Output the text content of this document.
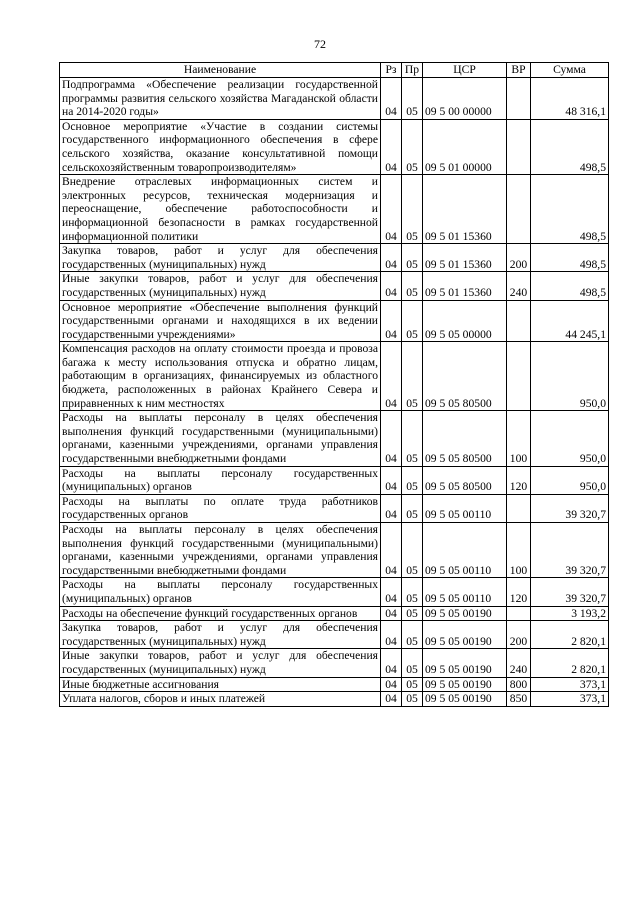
72
Наименование	Рз	Пр	ЦСР	ВР	Сумма
Подпрограмма «Обеспечение реализации государственной программы развития сельского хозяйства Магаданской области на 2014-2020 годы»	04	05	09 5 00 00000		48 316,1
Основное мероприятие «Участие в создании системы государственного информационного обеспечения в сфере сельского хозяйства, оказание консультативной помощи сельскохозяйственным товаропроизводителям»	04	05	09 5 01 00000		498,5
Внедрение отраслевых информационных систем и электронных ресурсов, техническая модернизация и переоснащение, обеспечение работоспособности и информационной безопасности в рамках государственной информационной политики	04	05	09 5 01 15360		498,5
Закупка товаров, работ и услуг для обеспечения государственных (муниципальных) нужд	04	05	09 5 01 15360	200	498,5
Иные закупки товаров, работ и услуг для обеспечения государственных (муниципальных) нужд	04	05	09 5 01 15360	240	498,5
Основное мероприятие «Обеспечение выполнения функций государственными органами и находящихся в их ведении государственными учреждениями»	04	05	09 5 05 00000		44 245,1
Компенсация расходов на оплату стоимости проезда и провоза багажа к месту использования отпуска и обратно лицам, работающим в организациях, финансируемых из областного бюджета, расположенных в районах Крайнего Севера и приравненных к ним местностях	04	05	09 5 05 80500		950,0
Расходы на выплаты персоналу в целях обеспечения выполнения функций государственными (муниципальными) органами, казенными учреждениями, органами управления государственными внебюджетными фондами	04	05	09 5 05 80500	100	950,0
Расходы на выплаты персоналу государственных (муниципальных) органов	04	05	09 5 05 80500	120	950,0
Расходы на выплаты по оплате труда работников государственных органов	04	05	09 5 05 00110		39 320,7
Расходы на выплаты персоналу в целях обеспечения выполнения функций государственными (муниципальными) органами, казенными учреждениями, органами управления государственными внебюджетными фондами	04	05	09 5 05 00110	100	39 320,7
Расходы на выплаты персоналу государственных (муниципальных) органов	04	05	09 5 05 00110	120	39 320,7
Расходы на обеспечение функций государственных органов	04	05	09 5 05 00190		3 193,2
Закупка товаров, работ и услуг для обеспечения государственных (муниципальных) нужд	04	05	09 5 05 00190	200	2 820,1
Иные закупки товаров, работ и услуг для обеспечения государственных (муниципальных) нужд	04	05	09 5 05 00190	240	2 820,1
Иные бюджетные ассигнования	04	05	09 5 05 00190	800	373,1
Уплата налогов, сборов и иных платежей	04	05	09 5 05 00190	850	373,1
